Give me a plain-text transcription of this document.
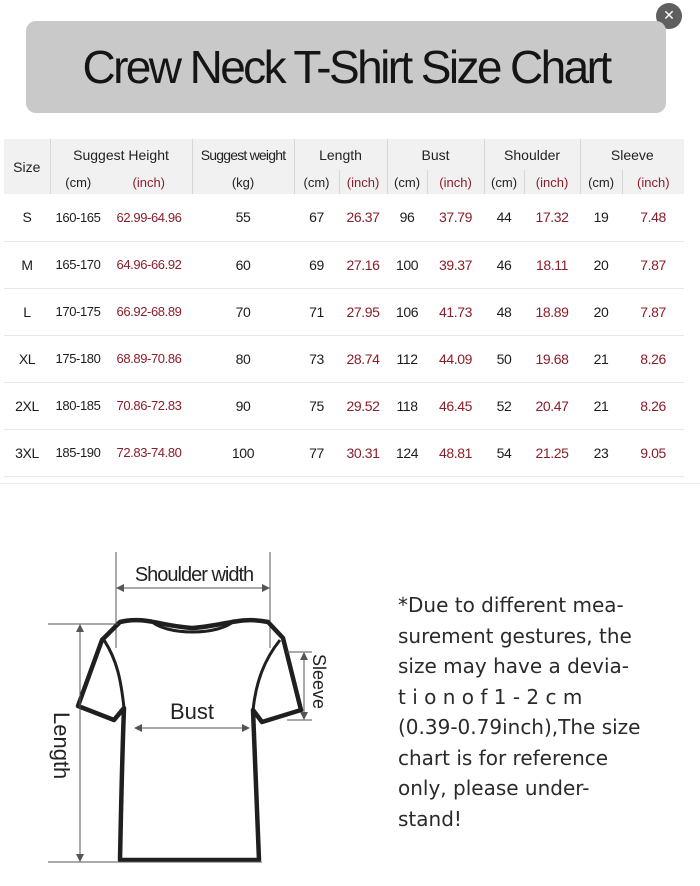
✕
Crew Neck T-Shirt Size Chart
Size	Suggest Height		Suggest weight	Length		Bust		Shoulder		Sleeve	
	(cm)	(inch)	(kg)	(cm)	(inch)	(cm)	(inch)	(cm)	(inch)	(cm)	(inch)
S	160-165	62.99-64.96	55	67	26.37	96	37.79	44	17.32	19	7.48
M	165-170	64.96-66.92	60	69	27.16	100	39.37	46	18.11	20	7.87
L	170-175	66.92-68.89	70	71	27.95	106	41.73	48	18.89	20	7.87
XL	175-180	68.89-70.86	80	73	28.74	112	44.09	50	19.68	21	8.26
2XL	180-185	70.86-72.83	90	75	29.52	118	46.45	52	20.47	21	8.26
3XL	185-190	72.83-74.80	100	77	30.31	124	48.81	54	21.25	23	9.05
Shoulder width
Bust
Sleeve
Length
*Due to different mea-
surement gestures, the
size may have a devia-
t i o n o f 1 - 2 c m
(0.39-0.79inch),The size
chart is for reference
only, please under-
stand!
